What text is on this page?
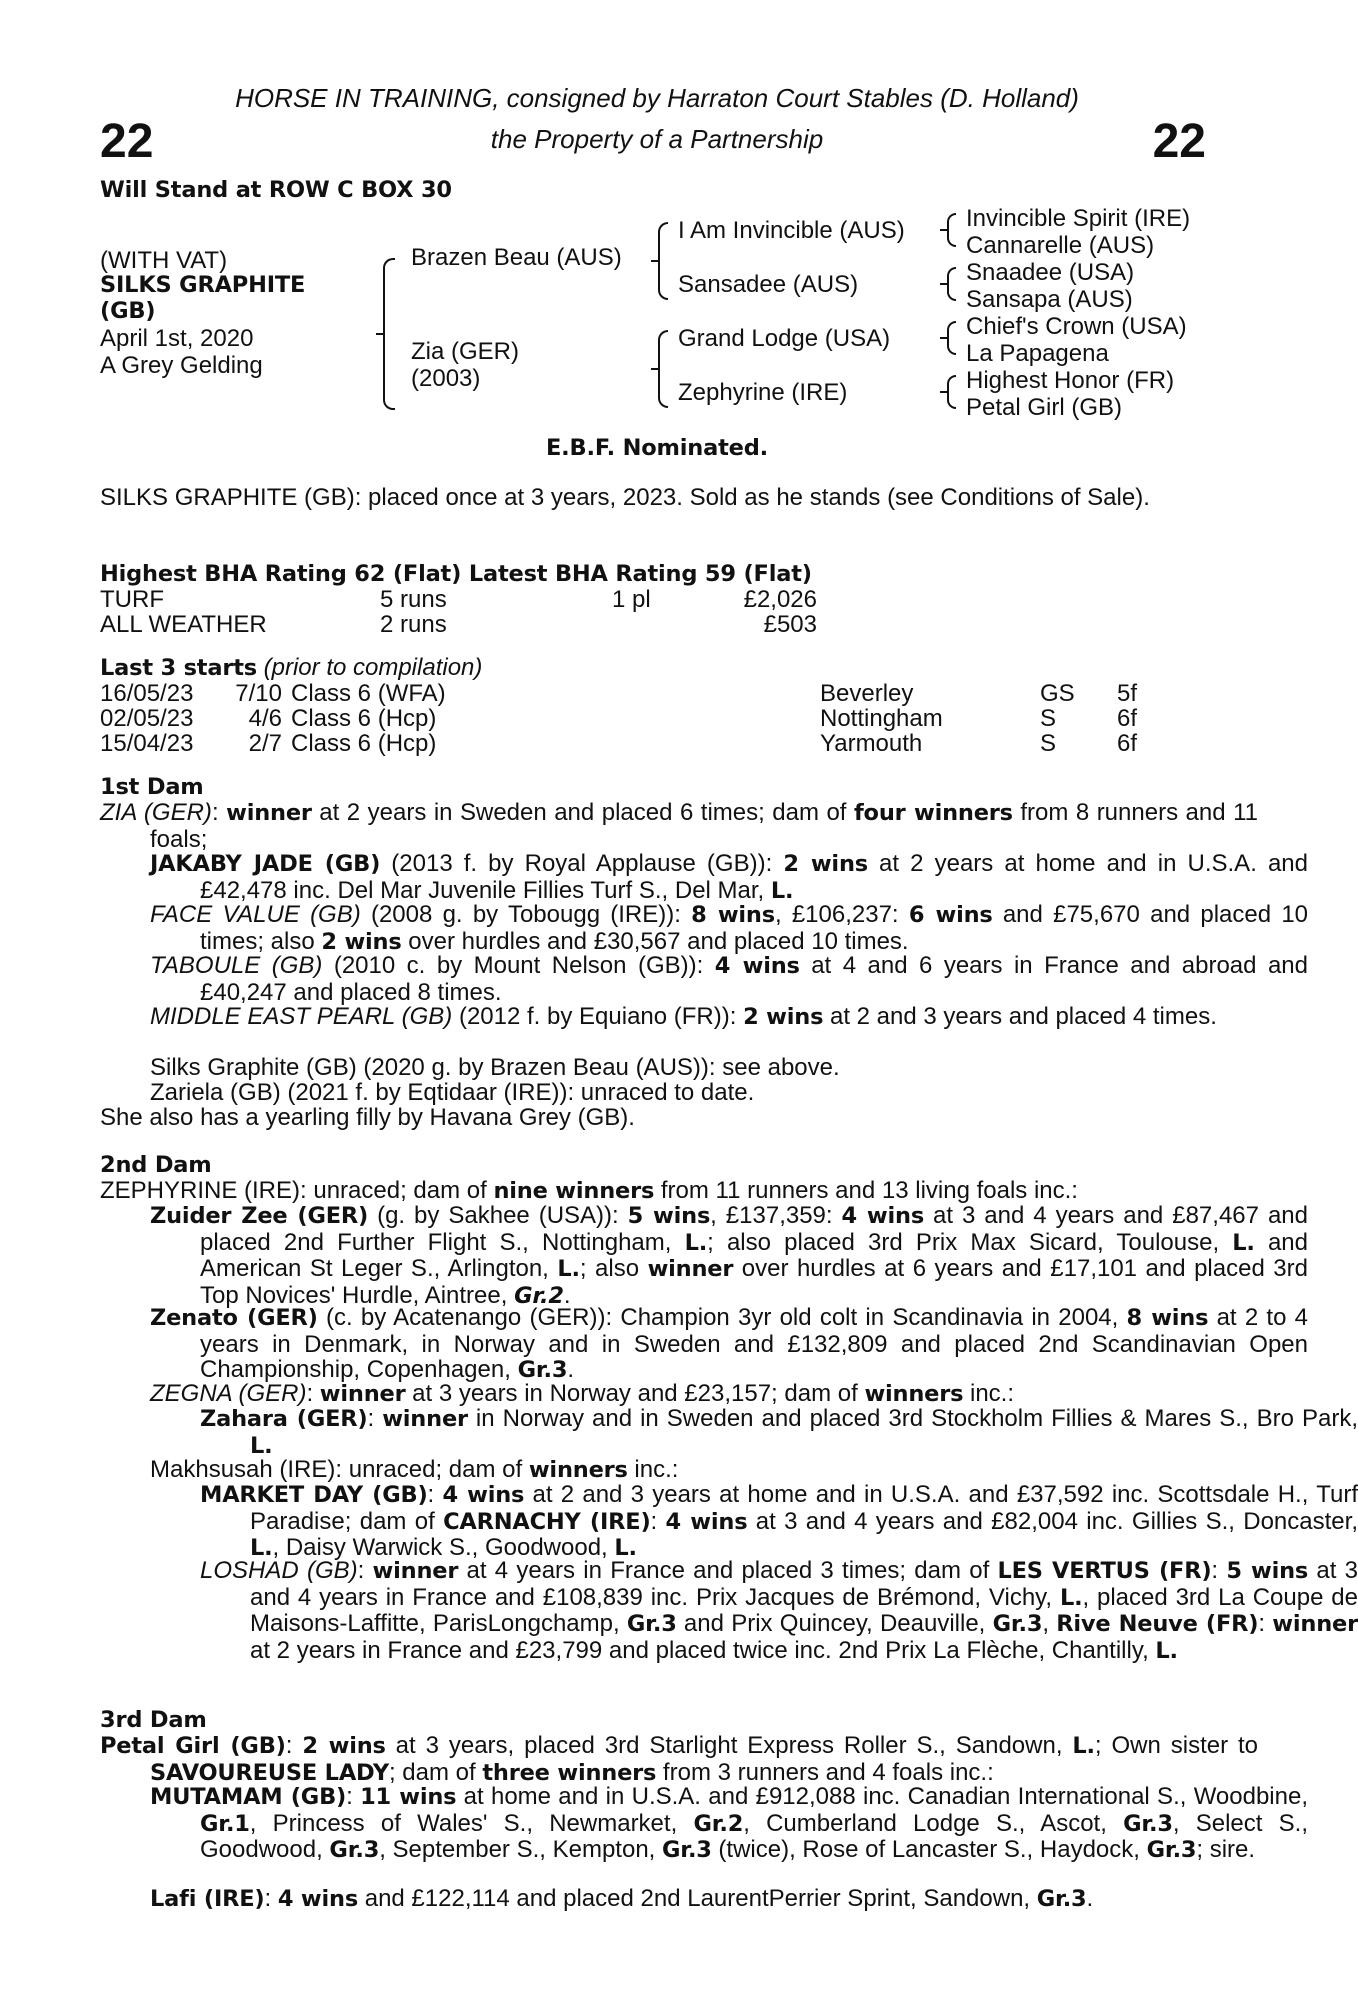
22	22
HORSE IN TRAINING, consigned by Harraton Court Stables (D. Holland)
the Property of a Partnership
Will Stand at ROW C BOX 30
(WITH VAT)
SILKS GRAPHITE
(GB)
April 1st, 2020
A Grey Gelding
Brazen Beau (AUS)
Zia (GER)
(2003)
I Am Invincible (AUS)
Sansadee (AUS)
Grand Lodge (USA)
Zephyrine (IRE)
Invincible Spirit (IRE)
Cannarelle (AUS)
Snaadee (USA)
Sansapa (AUS)
Chief's Crown (USA)
La Papagena
Highest Honor (FR)
Petal Girl (GB)
E.B.F. Nominated.
SILKS GRAPHITE (GB): placed once at 3 years, 2023. Sold as he stands (see Conditions of Sale).
Highest BHA Rating 62 (Flat) Latest BHA Rating 59 (Flat)
TURF	5 runs	1 pl	£2,026
ALL WEATHER	2 runs	£503
Last 3 starts (prior to compilation)
16/05/23	7/10 Class 6 (WFA)	Beverley	GS 5f
02/05/23	4/6 Class 6 (Hcp)	Nottingham	S	6f
15/04/23	2/7 Class 6 (Hcp)	Yarmouth	S	6f
1st Dam
ZIA (GER): winner at 2 years in Sweden and placed 6 times; dam of four winners from 8 runners and 11 foals;
JAKABY JADE (GB) (2013 f. by Royal Applause (GB)): 2 wins at 2 years at home and in U.S.A. and £42,478 inc. Del Mar Juvenile Fillies Turf S., Del Mar, L.
FACE VALUE (GB) (2008 g. by Tobougg (IRE)): 8 wins, £106,237: 6 wins and £75,670 and placed 10 times; also 2 wins over hurdles and £30,567 and placed 10 times.
TABOULE (GB) (2010 c. by Mount Nelson (GB)): 4 wins at 4 and 6 years in France and abroad and £40,247 and placed 8 times.
MIDDLE EAST PEARL (GB) (2012 f. by Equiano (FR)): 2 wins at 2 and 3 years and placed 4 times.
Silks Graphite (GB) (2020 g. by Brazen Beau (AUS)): see above.
Zariela (GB) (2021 f. by Eqtidaar (IRE)): unraced to date.
She also has a yearling filly by Havana Grey (GB).
2nd Dam
ZEPHYRINE (IRE): unraced; dam of nine winners from 11 runners and 13 living foals inc.:
Zuider Zee (GER) (g. by Sakhee (USA)): 5 wins, £137,359: 4 wins at 3 and 4 years and £87,467 and placed 2nd Further Flight S., Nottingham, L.; also placed 3rd Prix Max Sicard, Toulouse, L. and American St Leger S., Arlington, L.; also winner over hurdles at 6 years and £17,101 and placed 3rd Top Novices' Hurdle, Aintree, Gr.2.
Zenato (GER) (c. by Acatenango (GER)): Champion 3yr old colt in Scandinavia in 2004, 8 wins at 2 to 4 years in Denmark, in Norway and in Sweden and £132,809 and placed 2nd Scandinavian Open Championship, Copenhagen, Gr.3.
ZEGNA (GER): winner at 3 years in Norway and £23,157; dam of winners inc.:
Zahara (GER): winner in Norway and in Sweden and placed 3rd Stockholm Fillies & Mares S., Bro Park, L.
Makhsusah (IRE): unraced; dam of winners inc.:
MARKET DAY (GB): 4 wins at 2 and 3 years at home and in U.S.A. and £37,592 inc. Scottsdale H., Turf Paradise; dam of CARNACHY (IRE): 4 wins at 3 and 4 years and £82,004 inc. Gillies S., Doncaster, L., Daisy Warwick S., Goodwood, L.
LOSHAD (GB): winner at 4 years in France and placed 3 times; dam of LES VERTUS (FR): 5 wins at 3 and 4 years in France and £108,839 inc. Prix Jacques de Brémond, Vichy, L., placed 3rd La Coupe de Maisons-Laffitte, ParisLongchamp, Gr.3 and Prix Quincey, Deauville, Gr.3, Rive Neuve (FR): winner at 2 years in France and £23,799 and placed twice inc. 2nd Prix La Flèche, Chantilly, L.
3rd Dam
Petal Girl (GB): 2 wins at 3 years, placed 3rd Starlight Express Roller S., Sandown, L.; Own sister to SAVOUREUSE LADY; dam of three winners from 3 runners and 4 foals inc.:
MUTAMAM (GB): 11 wins at home and in U.S.A. and £912,088 inc. Canadian International S., Woodbine, Gr.1, Princess of Wales' S., Newmarket, Gr.2, Cumberland Lodge S., Ascot, Gr.3, Select S., Goodwood, Gr.3, September S., Kempton, Gr.3 (twice), Rose of Lancaster S., Haydock, Gr.3; sire.
Lafi (IRE): 4 wins and £122,114 and placed 2nd LaurentPerrier Sprint, Sandown, Gr.3.
